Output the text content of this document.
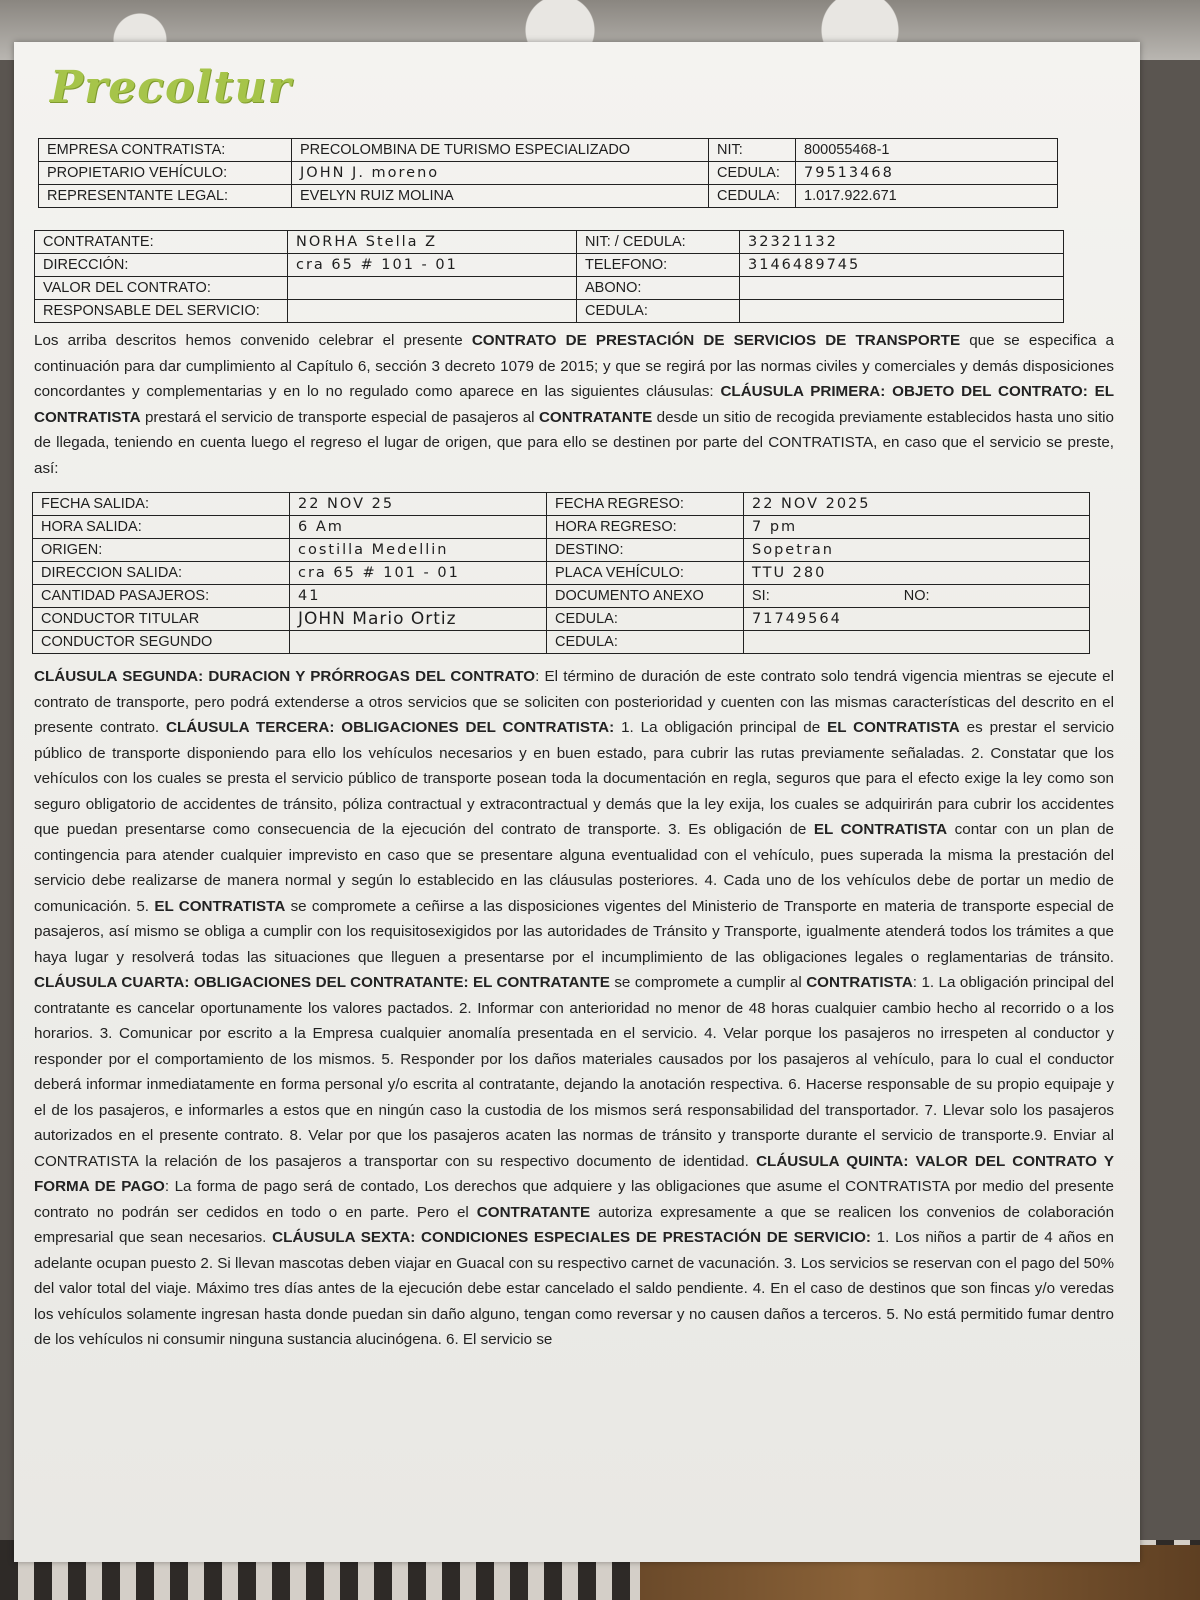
Precoltur
EMPRESA CONTRATISTA:	PRECOLOMBINA DE TURISMO ESPECIALIZADO	NIT:	800055468-1
PROPIETARIO VEHÍCULO:	JOHN J. moreno	CEDULA:	79513468
REPRESENTANTE LEGAL:	EVELYN RUIZ MOLINA	CEDULA:	1.017.922.671
CONTRATANTE:	NORHA Stella Z	NIT: / CEDULA:	32321132
DIRECCIÓN:	cra 65 # 101 - 01	TELEFONO:	3146489745
VALOR DEL CONTRATO:		ABONO:	
RESPONSABLE DEL SERVICIO:		CEDULA:	
Los arriba descritos hemos convenido celebrar el presente CONTRATO DE PRESTACIÓN DE SERVICIOS DE TRANSPORTE que se especifica a continuación para dar cumplimiento al Capítulo 6, sección 3 decreto 1079 de 2015; y que se regirá por las normas civiles y comerciales y demás disposiciones concordantes y complementarias y en lo no regulado como aparece en las siguientes cláusulas: CLÁUSULA PRIMERA: OBJETO DEL CONTRATO: EL CONTRATISTA prestará el servicio de transporte especial de pasajeros al CONTRATANTE desde un sitio de recogida previamente establecidos hasta uno sitio de llegada, teniendo en cuenta luego el regreso el lugar de origen, que para ello se destinen por parte del CONTRATISTA, en caso que el servicio se preste, así:
FECHA SALIDA:	22 NOV 25	FECHA REGRESO:	22 NOV 2025
HORA SALIDA:	6 Am	HORA REGRESO:	7 pm
ORIGEN:	costilla Medellin	DESTINO:	Sopetran
DIRECCION SALIDA:	cra 65 # 101 - 01	PLACA VEHÍCULO:	TTU 280
CANTIDAD PASAJEROS:	41	DOCUMENTO ANEXO	SI: NO:
CONDUCTOR TITULAR	JOHN Mario Ortiz	CEDULA:	71749564
CONDUCTOR SEGUNDO		CEDULA:	
CLÁUSULA SEGUNDA: DURACION Y PRÓRROGAS DEL CONTRATO: El término de duración de este contrato solo tendrá vigencia mientras se ejecute el contrato de transporte, pero podrá extenderse a otros servicios que se soliciten con posterioridad y cuenten con las mismas características del descrito en el presente contrato. CLÁUSULA TERCERA: OBLIGACIONES DEL CONTRATISTA: 1. La obligación principal de EL CONTRATISTA es prestar el servicio público de transporte disponiendo para ello los vehículos necesarios y en buen estado, para cubrir las rutas previamente señaladas. 2. Constatar que los vehículos con los cuales se presta el servicio público de transporte posean toda la documentación en regla, seguros que para el efecto exige la ley como son seguro obligatorio de accidentes de tránsito, póliza contractual y extracontractual y demás que la ley exija, los cuales se adquirirán para cubrir los accidentes que puedan presentarse como consecuencia de la ejecución del contrato de transporte. 3. Es obligación de EL CONTRATISTA contar con un plan de contingencia para atender cualquier imprevisto en caso que se presentare alguna eventualidad con el vehículo, pues superada la misma la prestación del servicio debe realizarse de manera normal y según lo establecido en las cláusulas posteriores. 4. Cada uno de los vehículos debe de portar un medio de comunicación. 5. EL CONTRATISTA se compromete a ceñirse a las disposiciones vigentes del Ministerio de Transporte en materia de transporte especial de pasajeros, así mismo se obliga a cumplir con los requisitosexigidos por las autoridades de Tránsito y Transporte, igualmente atenderá todos los trámites a que haya lugar y resolverá todas las situaciones que lleguen a presentarse por el incumplimiento de las obligaciones legales o reglamentarias de tránsito. CLÁUSULA CUARTA: OBLIGACIONES DEL CONTRATANTE: EL CONTRATANTE se compromete a cumplir al CONTRATISTA: 1. La obligación principal del contratante es cancelar oportunamente los valores pactados. 2. Informar con anterioridad no menor de 48 horas cualquier cambio hecho al recorrido o a los horarios. 3. Comunicar por escrito a la Empresa cualquier anomalía presentada en el servicio. 4. Velar porque los pasajeros no irrespeten al conductor y responder por el comportamiento de los mismos. 5. Responder por los daños materiales causados por los pasajeros al vehículo, para lo cual el conductor deberá informar inmediatamente en forma personal y/o escrita al contratante, dejando la anotación respectiva. 6. Hacerse responsable de su propio equipaje y el de los pasajeros, e informarles a estos que en ningún caso la custodia de los mismos será responsabilidad del transportador. 7. Llevar solo los pasajeros autorizados en el presente contrato. 8. Velar por que los pasajeros acaten las normas de tránsito y transporte durante el servicio de transporte.9. Enviar al CONTRATISTA la relación de los pasajeros a transportar con su respectivo documento de identidad. CLÁUSULA QUINTA: VALOR DEL CONTRATO Y FORMA DE PAGO: La forma de pago será de contado, Los derechos que adquiere y las obligaciones que asume el CONTRATISTA por medio del presente contrato no podrán ser cedidos en todo o en parte. Pero el CONTRATANTE autoriza expresamente a que se realicen los convenios de colaboración empresarial que sean necesarios. CLÁUSULA SEXTA: CONDICIONES ESPECIALES DE PRESTACIÓN DE SERVICIO: 1. Los niños a partir de 4 años en adelante ocupan puesto 2. Si llevan mascotas deben viajar en Guacal con su respectivo carnet de vacunación. 3. Los servicios se reservan con el pago del 50% del valor total del viaje. Máximo tres días antes de la ejecución debe estar cancelado el saldo pendiente. 4. En el caso de destinos que son fincas y/o veredas los vehículos solamente ingresan hasta donde puedan sin daño alguno, tengan como reversar y no causen daños a terceros. 5. No está permitido fumar dentro de los vehículos ni consumir ninguna sustancia alucinógena. 6. El servicio se
